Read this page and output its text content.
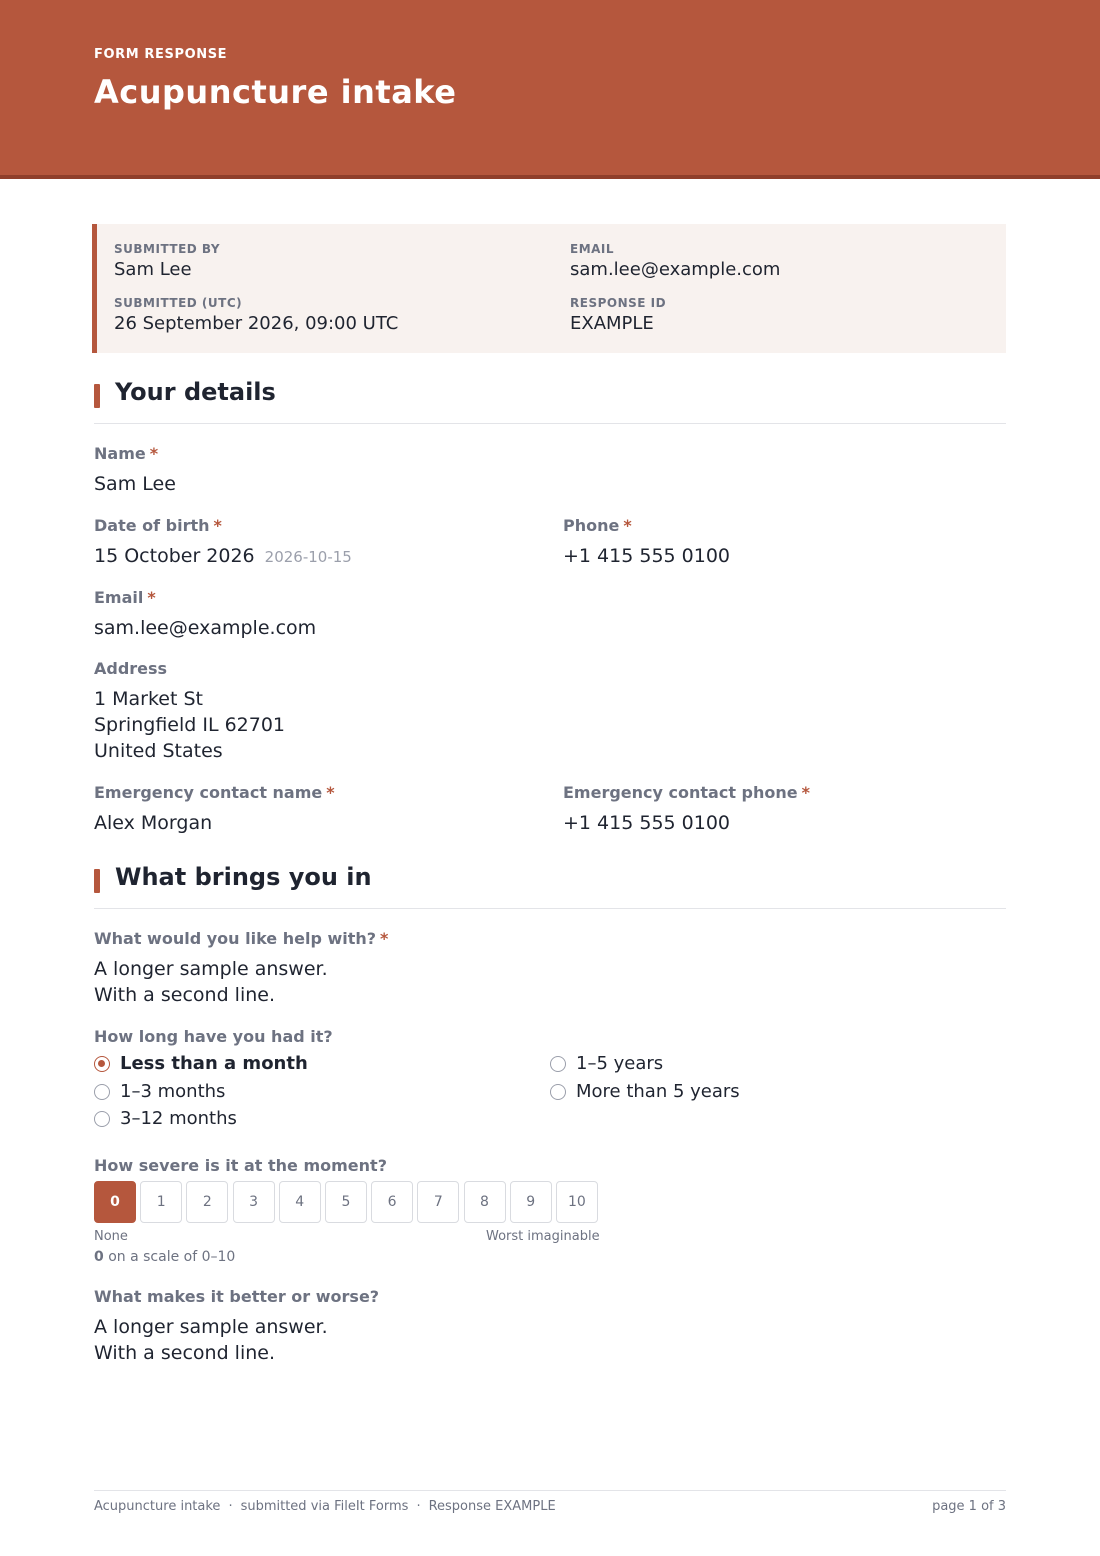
FORM RESPONSE
Acupuncture intake
SUBMITTED BY
Sam Lee
EMAIL
sam.lee@example.com
SUBMITTED (UTC)
26 September 2026, 09:00 UTC
RESPONSE ID
EXAMPLE
Your details
Name *
Sam Lee
Date of birth *
15 October 2026 2026-10-15
Phone *
+1 415 555 0100
Email *
sam.lee@example.com
Address
1 Market St
Springfield IL 62701
United States
Emergency contact name *
Alex Morgan
Emergency contact phone *
+1 415 555 0100
What brings you in
What would you like help with? *
A longer sample answer.
With a second line.
How long have you had it?
Less than a month
1–3 months
3–12 months
1–5 years
More than 5 years
How severe is it at the moment?
0	1	2	3	4	5	6	7	8	9	10
None	Worst imaginable
0 on a scale of 0–10
What makes it better or worse?
A longer sample answer.
With a second line.
Acupuncture intake · submitted via FileIt Forms · Response EXAMPLE	page 1 of 3
